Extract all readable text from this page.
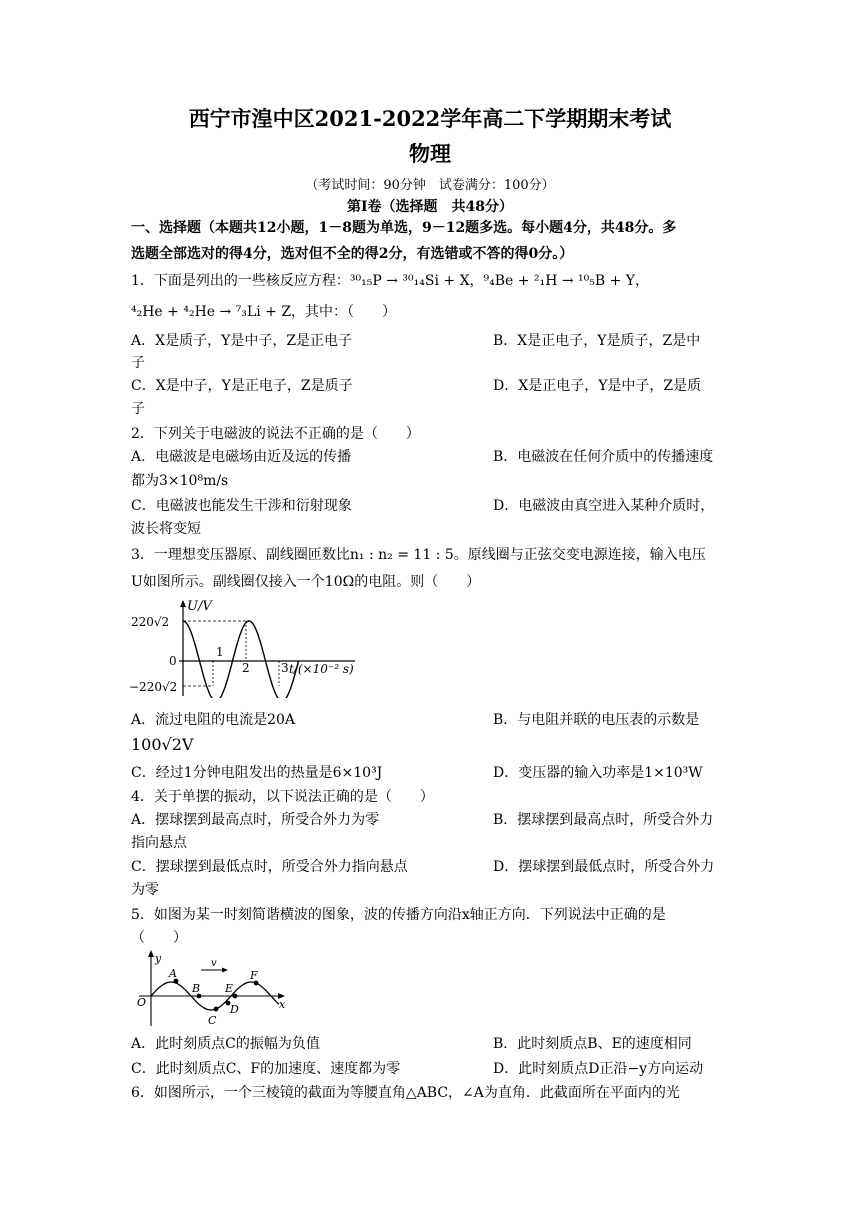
西宁市湟中区2021-2022学年高二下学期期末考试
物理
（考试时间：90分钟　试卷满分：100分）
第Ⅰ卷（选择题　共48分）
一、选择题（本题共12小题，1－8题为单选，9－12题多选。每小题4分，共48分。多
选题全部选对的得4分，选对但不全的得2分，有选错或不答的得0分。）
1．下面是列出的一些核反应方程：³⁰₁₅P → ³⁰₁₄Si + X，⁹₄Be + ²₁H → ¹⁰₅B + Y，
⁴₂He + ⁴₂He → ⁷₃Li + Z，其中：（　　）
A．X是质子，Y是中子，Z是正电子	B．X是正电子，Y是质子，Z是中
子
C．X是中子，Y是正电子，Z是质子	D．X是正电子，Y是中子，Z是质
子
2．下列关于电磁波的说法不正确的是（　　）
A．电磁波是电磁场由近及远的传播	B．电磁波在任何介质中的传播速度
都为3×10⁸m/s
C．电磁波也能发生干涉和衍射现象	D．电磁波由真空进入某种介质时，
波长将变短
3．一理想变压器原、副线圈匝数比n₁ : n₂ = 11 : 5。原线圈与正弦交变电源连接，输入电压
U如图所示。副线圈仅接入一个10Ω的电阻。则（　　）
U/V
220√2
0
−220√2
1
2	3 t/(×10⁻² s)
A．流过电阻的电流是20A	B．与电阻并联的电压表的示数是
100√2V
C．经过1分钟电阻发出的热量是6×10³J	D．变压器的输入功率是1×10³W
4．关于单摆的振动，以下说法正确的是（　　）
A．摆球摆到最高点时，所受合外力为零	B．摆球摆到最高点时，所受合外力
指向悬点
C．摆球摆到最低点时，所受合外力指向悬点	D．摆球摆到最低点时，所受合外力
为零
5．如图为某一时刻简谐横波的图象，波的传播方向沿x轴正方向．下列说法中正确的是
（　　）
v
y
O	x
A
B
C
D
E
F
A．此时刻质点C的振幅为负值	B．此时刻质点B、E的速度相同
C．此时刻质点C、F的加速度、速度都为零	D．此时刻质点D正沿−y方向运动
6．如图所示，一个三棱镜的截面为等腰直角△ABC，∠A为直角．此截面所在平面内的光
